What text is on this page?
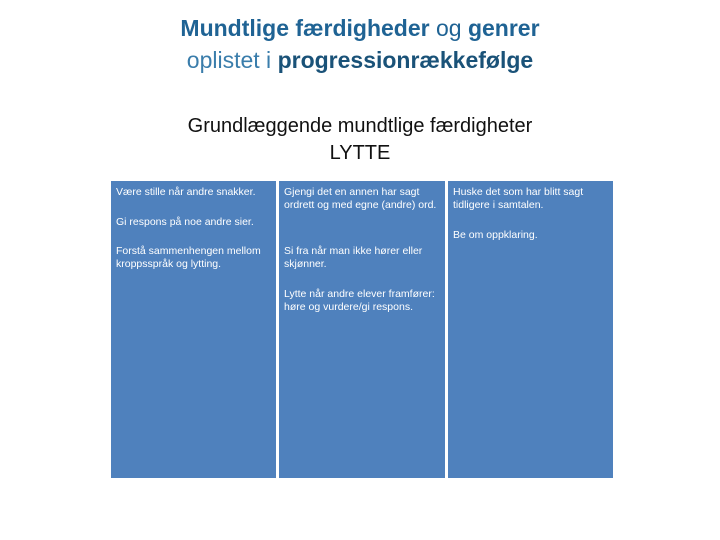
Mundtlige færdigheder og genrer
oplistet i progressionrækkefølge
Grundlæggende mundtlige færdigheter
LYTTE

Være stille når andre snakker.

Gi respons på noe andre sier.

Forstå sammenhengen mellom kroppsspråk og lytting.

skjønne – være klar over, forstå

Gjengi det en annen har sagt ordrett og med egne (andre) ord.

Si fra når man ikke hører eller skjønner.

Lytte når andre elever framfører: høre og vurdere/gi respons.

Huske det som har blitt sagt tidligere i samtalen.

Be om oppklaring.
